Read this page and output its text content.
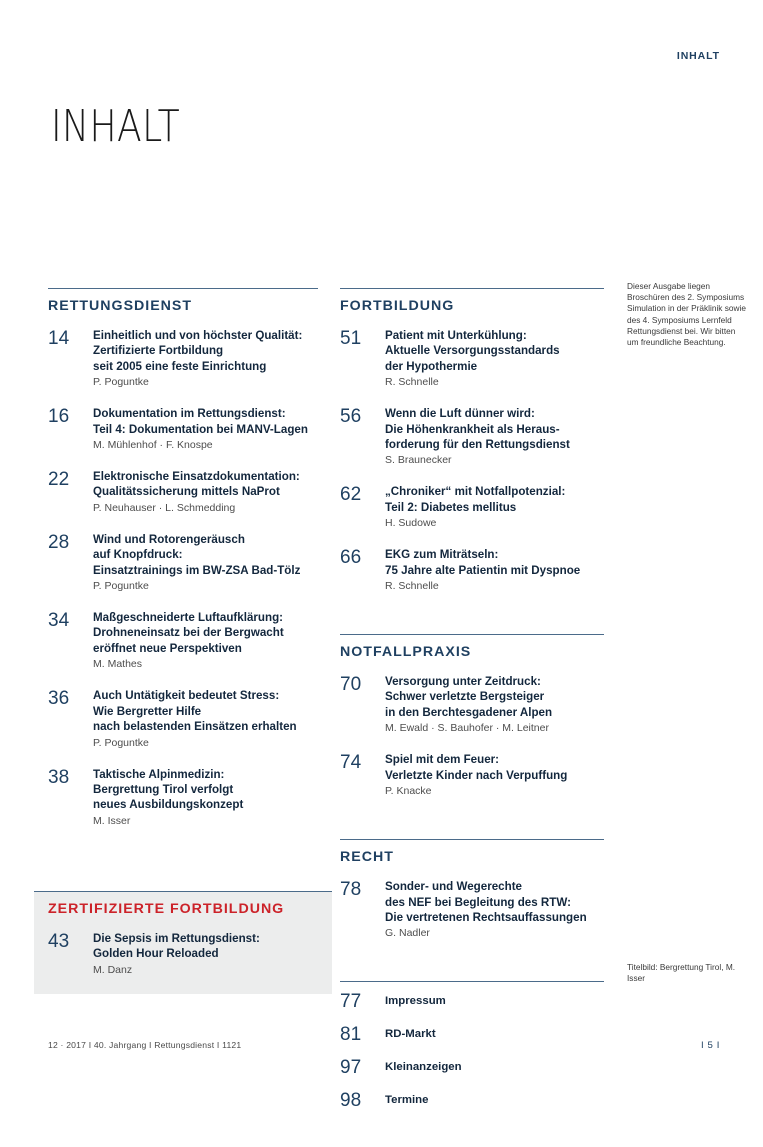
INHALT
INHALT
RETTUNGSDIENST
14	Einheitlich und von höchster Qualität:
Zertifizierte Fortbildung
seit 2005 eine feste Einrichtung
P. Poguntke
16	Dokumentation im Rettungsdienst:
Teil 4: Dokumentation bei MANV-Lagen
M. Mühlenhof · F. Knospe
22	Elektronische Einsatzdokumentation:
Qualitätssicherung mittels NaProt
P. Neuhauser · L. Schmedding
28	Wind und Rotorengeräusch
auf Knopfdruck:
Einsatztrainings im BW-ZSA Bad-Tölz
P. Poguntke
34	Maßgeschneiderte Luftaufklärung:
Drohneneinsatz bei der Bergwacht
eröffnet neue Perspektiven
M. Mathes
36	Auch Untätigkeit bedeutet Stress:
Wie Bergretter Hilfe
nach belastenden Einsätzen erhalten
P. Poguntke
38	Taktische Alpinmedizin:
Bergrettung Tirol verfolgt
neues Ausbildungskonzept
M. Isser
ZERTIFIZIERTE FORTBILDUNG
43	Die Sepsis im Rettungsdienst:
Golden Hour Reloaded
M. Danz
FORTBILDUNG
51	Patient mit Unterkühlung:
Aktuelle Versorgungsstandards
der Hypothermie
R. Schnelle
56	Wenn die Luft dünner wird:
Die Höhenkrankheit als Heraus-
forderung für den Rettungsdienst
S. Braunecker
62	„Chroniker“ mit Notfallpotenzial:
Teil 2: Diabetes mellitus
H. Sudowe
66	EKG zum Miträtseln:
75 Jahre alte Patientin mit Dyspnoe
R. Schnelle
NOTFALLPRAXIS
70	Versorgung unter Zeitdruck:
Schwer verletzte Bergsteiger
in den Berchtesgadener Alpen
M. Ewald · S. Bauhofer · M. Leitner
74	Spiel mit dem Feuer:
Verletzte Kinder nach Verpuffung
P. Knacke
RECHT
78	Sonder- und Wegerechte
des NEF bei Begleitung des RTW:
Die vertretenen Rechtsauffassungen
G. Nadler
77	Impressum
81	RD-Markt
97	Kleinanzeigen
98	Termine
Dieser Ausgabe liegen Broschüren des 2. Symposiums Simulation in der Präklinik sowie des 4. Symposiums Lernfeld Rettungsdienst bei. Wir bitten um freundliche Beachtung.
Titelbild: Bergrettung Tirol, M. Isser
12 · 2017 I 40. Jahrgang I Rettungsdienst I 1121	I 5 I
